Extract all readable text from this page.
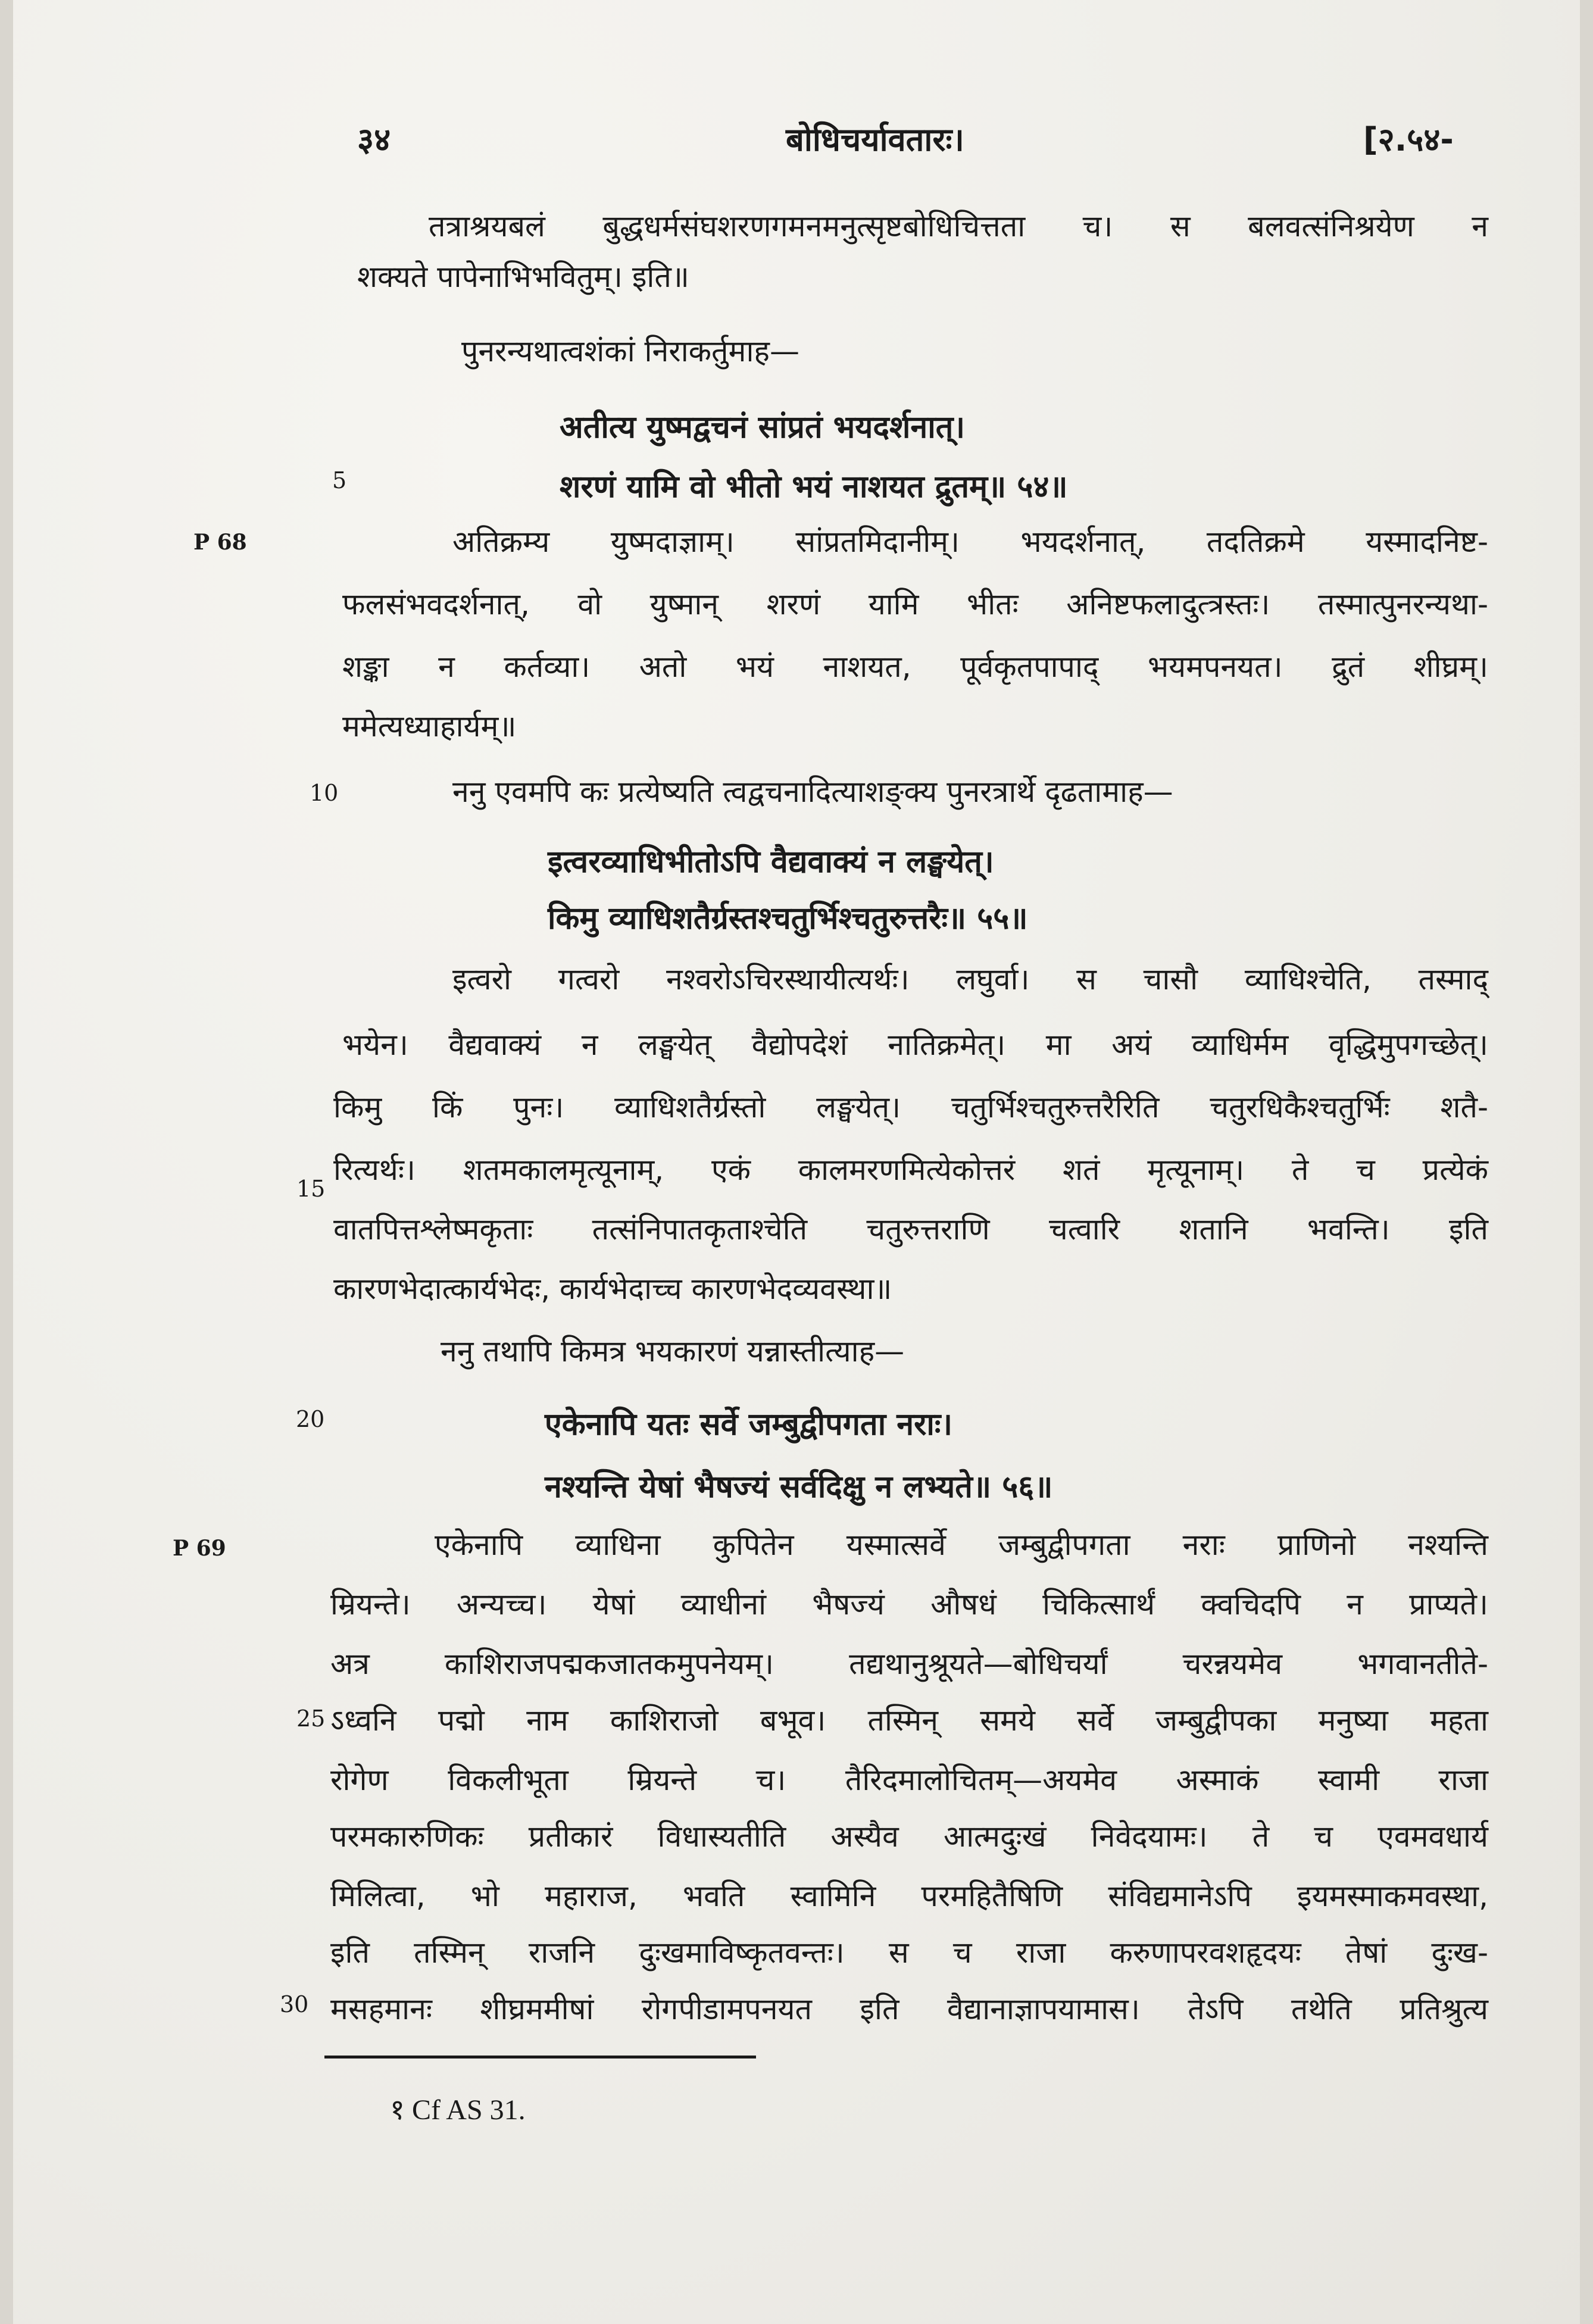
३४	बोधिचर्यावतारः।	[२.५४-
5
10
15
20
25
30
P 68
P 69
तत्राश्रयबलं बुद्धधर्मसंघशरणगमनमनुत्सृष्टबोधिचित्तता च। स बलवत्संनिश्रयेण न
शक्यते पापेनाभिभवितुम्। इति॥
पुनरन्यथात्वशंकां निराकर्तुमाह—
अतीत्य युष्मद्वचनं सांप्रतं भयदर्शनात्।
शरणं यामि वो भीतो भयं नाशयत द्रुतम्॥ ५४॥
अतिक्रम्य युष्मदाज्ञाम्। सांप्रतमिदानीम्। भयदर्शनात्, तदतिक्रमे यस्मादनिष्ट-
फलसंभवदर्शनात्, वो युष्मान् शरणं यामि भीतः अनिष्टफलादुत्त्रस्तः। तस्मात्पुनरन्यथा-
शङ्का न कर्तव्या। अतो भयं नाशयत, पूर्वकृतपापाद् भयमपनयत। द्रुतं शीघ्रम्।
ममेत्यध्याहार्यम्॥
ननु एवमपि कः प्रत्येष्यति त्वद्वचनादित्याशङ्क्य पुनरत्रार्थे दृढतामाह—
इत्वरव्याधिभीतोऽपि वैद्यवाक्यं न लङ्घयेत्।
किमु व्याधिशतैर्ग्रस्तश्चतुर्भिश्चतुरुत्तरैः॥ ५५॥
इत्वरो गत्वरो नश्वरोऽचिरस्थायीत्यर्थः। लघुर्वा। स चासौ व्याधिश्चेति, तस्माद्
भयेन। वैद्यवाक्यं न लङ्घयेत् वैद्योपदेशं नातिक्रमेत्। मा अयं व्याधिर्मम वृद्धिमुपगच्छेत्।
किमु किं पुनः। व्याधिशतैर्ग्रस्तो लङ्घयेत्। चतुर्भिश्चतुरुत्तरैरिति चतुरधिकैश्चतुर्भिः शतै-
रित्यर्थः। शतमकालमृत्यूनाम्, एकं कालमरणमित्येकोत्तरं शतं मृत्यूनाम्। ते च प्रत्येकं
वातपित्तश्लेष्मकृताः तत्संनिपातकृताश्चेति चतुरुत्तराणि चत्वारि शतानि भवन्ति। इति
कारणभेदात्कार्यभेदः, कार्यभेदाच्च कारणभेदव्यवस्था॥
ननु तथापि किमत्र भयकारणं यन्नास्तीत्याह—
एकेनापि यतः सर्वे जम्बुद्वीपगता नराः।
नश्यन्ति येषां भैषज्यं सर्वदिक्षु न लभ्यते॥ ५६॥
एकेनापि व्याधिना कुपितेन यस्मात्सर्वे जम्बुद्वीपगता नराः प्राणिनो नश्यन्ति
म्रियन्ते। अन्यच्च। येषां व्याधीनां भैषज्यं औषधं चिकित्सार्थं क्वचिदपि न प्राप्यते।
अत्र काशिराजपद्मकजातकमुपनेयम्। तद्यथानुश्रूयते—बोधिचर्यां चरन्नयमेव भगवानतीते-
ऽध्वनि पद्मो नाम काशिराजो बभूव। तस्मिन् समये सर्वे जम्बुद्वीपका मनुष्या महता
रोगेण विकलीभूता म्रियन्ते च। तैरिदमालोचितम्—अयमेव अस्माकं स्वामी राजा
परमकारुणिकः प्रतीकारं विधास्यतीति अस्यैव आत्मदुःखं निवेदयामः। ते च एवमवधार्य
मिलित्वा, भो महाराज, भवति स्वामिनि परमहितैषिणि संविद्यमानेऽपि इयमस्माकमवस्था,
इति तस्मिन् राजनि दुःखमाविष्कृतवन्तः। स च राजा करुणापरवशहृदयः तेषां दुःख-
मसहमानः शीघ्रममीषां रोगपीडामपनयत इति वैद्यानाज्ञापयामास। तेऽपि तथेति प्रतिश्रुत्य
१ Cf AS 31.
